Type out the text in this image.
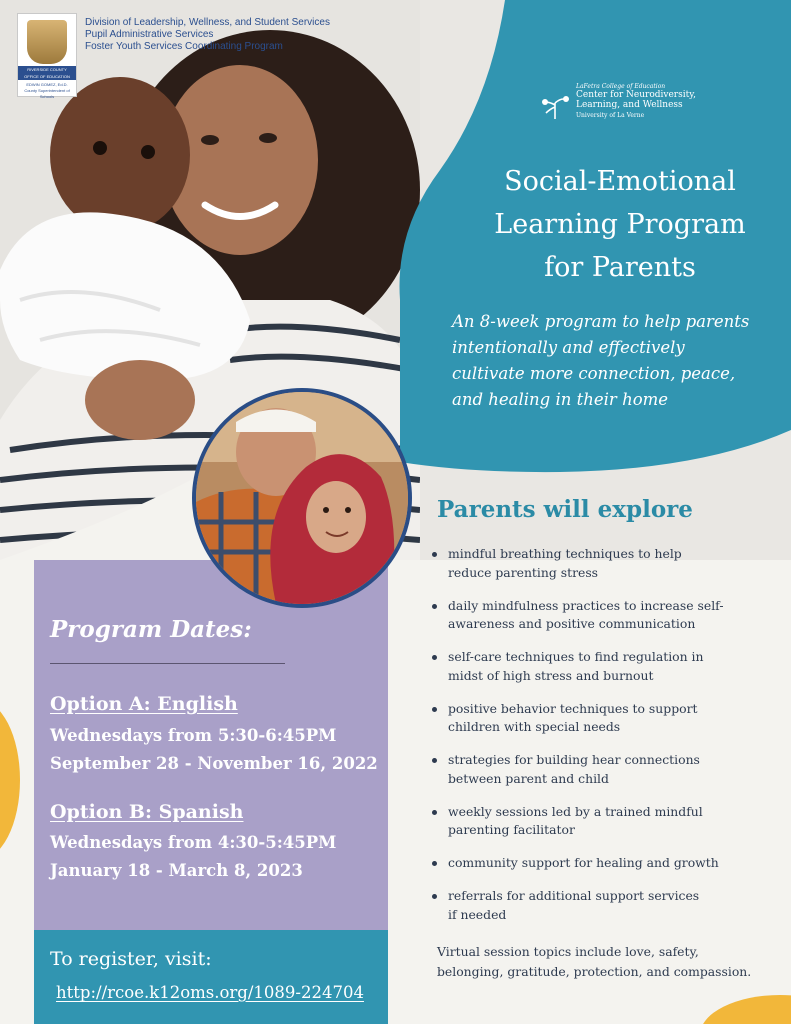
RIVERSIDE COUNTY
OFFICE OF EDUCATION
EDWIN GOMEZ, Ed.D.
County Superintendent of Schools
Division of Leadership, Wellness, and Student Services
Pupil Administrative Services
Foster Youth Services Coordinating Program
LaFetra College of Education
Center for Neurodiversity,
Learning, and Wellness
University of La Verne
Social-Emotional
Learning Program
for Parents
An 8-week program to help parents
intentionally and effectively
cultivate more connection, peace,
and healing in their home
Program Dates:
Option A: English
Wednesdays from 5:30-6:45PM
September 28 - November 16, 2022
Option B: Spanish
Wednesdays from 4:30-5:45PM
January 18 - March 8, 2023
To register, visit:
http://rcoe.k12oms.org/1089-224704
Parents will explore
mindful breathing techniques to help
reduce parenting stress
daily mindfulness practices to increase self-
awareness and positive communication
self-care techniques to find regulation in
midst of high stress and burnout
positive behavior techniques to support
children with special needs
strategies for building hear connections
between parent and child
weekly sessions led by a trained mindful
parenting facilitator
community support for healing and growth
referrals for additional support services
if needed
Virtual session topics include love, safety,
belonging, gratitude, protection, and compassion.
